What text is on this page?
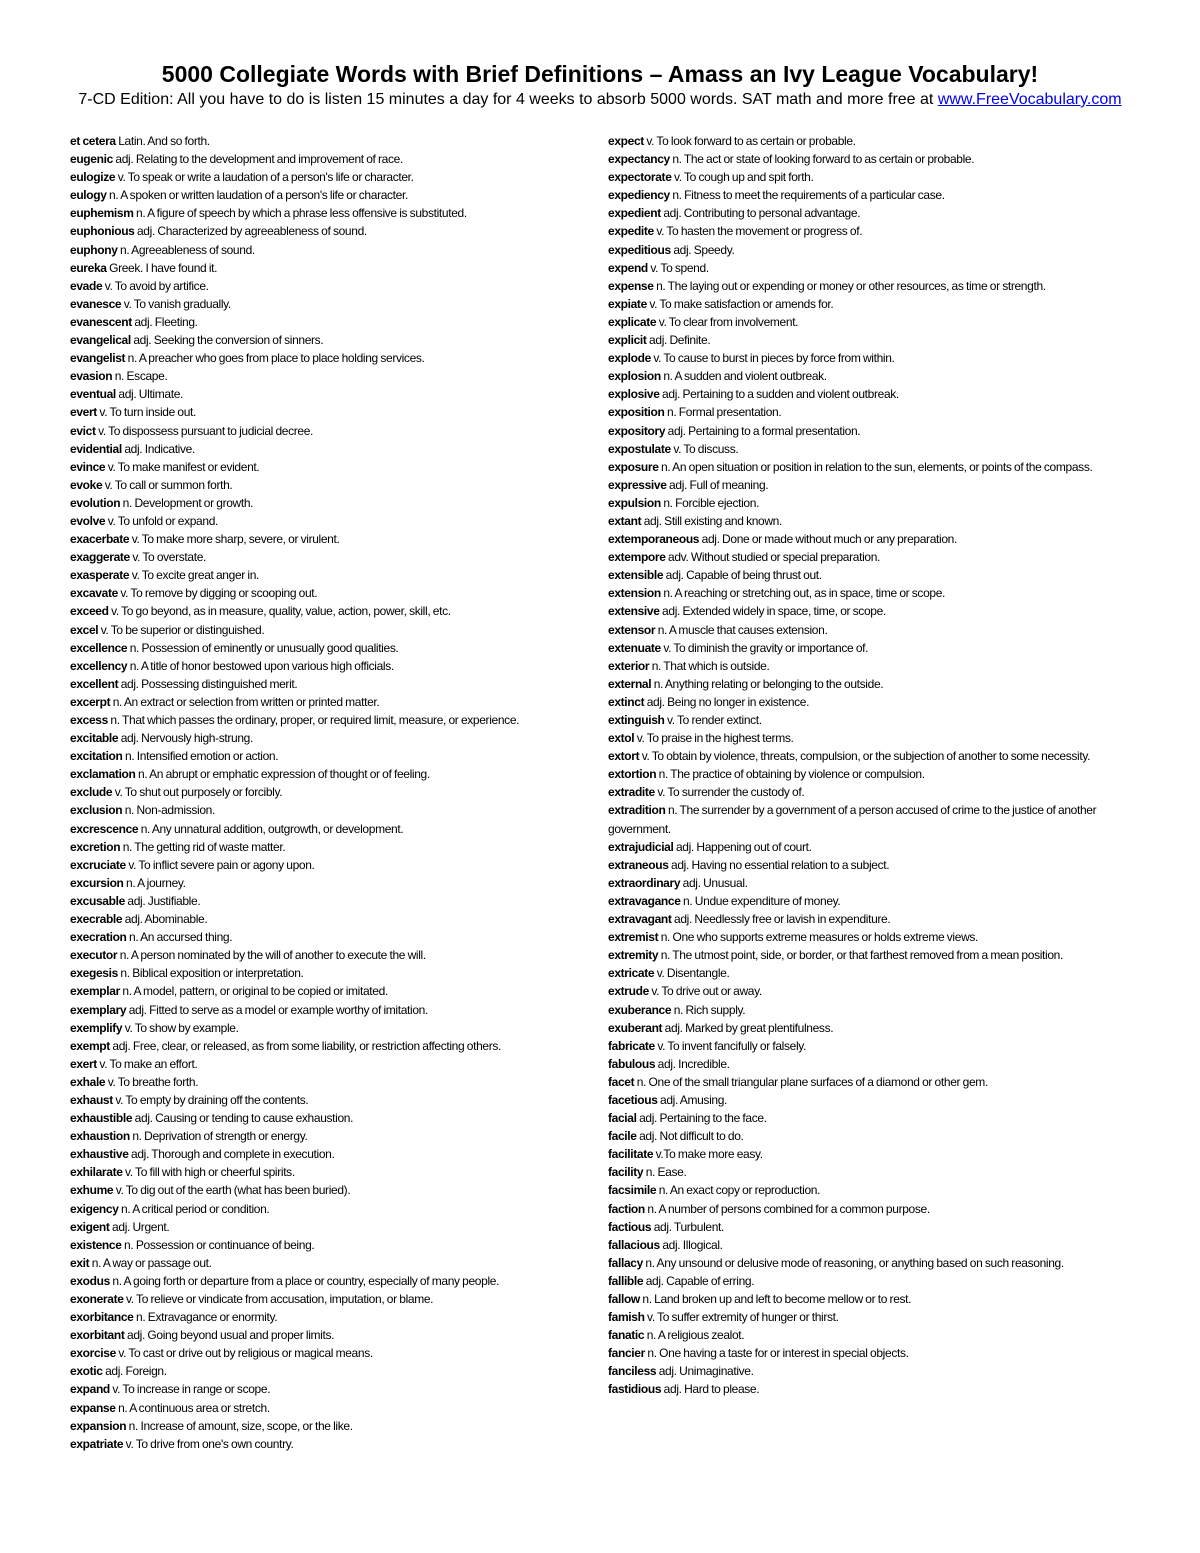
5000 Collegiate Words with Brief Definitions – Amass an Ivy League Vocabulary!
7-CD Edition: All you have to do is listen 15 minutes a day for 4 weeks to absorb 5000 words. SAT math and more free at www.FreeVocabulary.com
et cetera Latin. And so forth.
eugenic adj. Relating to the development and improvement of race.
eulogize v. To speak or write a laudation of a person's life or character.
eulogy n. A spoken or written laudation of a person's life or character.
euphemism n. A figure of speech by which a phrase less offensive is substituted.
euphonious adj. Characterized by agreeableness of sound.
euphony n. Agreeableness of sound.
eureka Greek. I have found it.
evade v. To avoid by artifice.
evanesce v. To vanish gradually.
evanescent adj. Fleeting.
evangelical adj. Seeking the conversion of sinners.
evangelist n. A preacher who goes from place to place holding services.
evasion n. Escape.
eventual adj. Ultimate.
evert v. To turn inside out.
evict v. To dispossess pursuant to judicial decree.
evidential adj. Indicative.
evince v. To make manifest or evident.
evoke v. To call or summon forth.
evolution n. Development or growth.
evolve v. To unfold or expand.
exacerbate v. To make more sharp, severe, or virulent.
exaggerate v. To overstate.
exasperate v. To excite great anger in.
excavate v. To remove by digging or scooping out.
exceed v. To go beyond, as in measure, quality, value, action, power, skill, etc.
excel v. To be superior or distinguished.
excellence n. Possession of eminently or unusually good qualities.
excellency n. A title of honor bestowed upon various high officials.
excellent adj. Possessing distinguished merit.
excerpt n. An extract or selection from written or printed matter.
excess n. That which passes the ordinary, proper, or required limit, measure, or experience.
excitable adj. Nervously high-strung.
excitation n. Intensified emotion or action.
exclamation n. An abrupt or emphatic expression of thought or of feeling.
exclude v. To shut out purposely or forcibly.
exclusion n. Non-admission.
excrescence n. Any unnatural addition, outgrowth, or development.
excretion n. The getting rid of waste matter.
excruciate v. To inflict severe pain or agony upon.
excursion n. A journey.
excusable adj. Justifiable.
execrable adj. Abominable.
execration n. An accursed thing.
executor n. A person nominated by the will of another to execute the will.
exegesis n. Biblical exposition or interpretation.
exemplar n. A model, pattern, or original to be copied or imitated.
exemplary adj. Fitted to serve as a model or example worthy of imitation.
exemplify v. To show by example.
exempt adj. Free, clear, or released, as from some liability, or restriction affecting others.
exert v. To make an effort.
exhale v. To breathe forth.
exhaust v. To empty by draining off the contents.
exhaustible adj. Causing or tending to cause exhaustion.
exhaustion n. Deprivation of strength or energy.
exhaustive adj. Thorough and complete in execution.
exhilarate v. To fill with high or cheerful spirits.
exhume v. To dig out of the earth (what has been buried).
exigency n. A critical period or condition.
exigent adj. Urgent.
existence n. Possession or continuance of being.
exit n. A way or passage out.
exodus n. A going forth or departure from a place or country, especially of many people.
exonerate v. To relieve or vindicate from accusation, imputation, or blame.
exorbitance n. Extravagance or enormity.
exorbitant adj. Going beyond usual and proper limits.
exorcise v. To cast or drive out by religious or magical means.
exotic adj. Foreign.
expand v. To increase in range or scope.
expanse n. A continuous area or stretch.
expansion n. Increase of amount, size, scope, or the like.
expatriate v. To drive from one's own country.
expect v. To look forward to as certain or probable.
expectancy n. The act or state of looking forward to as certain or probable.
expectorate v. To cough up and spit forth.
expediency n. Fitness to meet the requirements of a particular case.
expedient adj. Contributing to personal advantage.
expedite v. To hasten the movement or progress of.
expeditious adj. Speedy.
expend v. To spend.
expense n. The laying out or expending or money or other resources, as time or strength.
expiate v. To make satisfaction or amends for.
explicate v. To clear from involvement.
explicit adj. Definite.
explode v. To cause to burst in pieces by force from within.
explosion n. A sudden and violent outbreak.
explosive adj. Pertaining to a sudden and violent outbreak.
exposition n. Formal presentation.
expository adj. Pertaining to a formal presentation.
expostulate v. To discuss.
exposure n. An open situation or position in relation to the sun, elements, or points of the compass.
expressive adj. Full of meaning.
expulsion n. Forcible ejection.
extant adj. Still existing and known.
extemporaneous adj. Done or made without much or any preparation.
extempore adv. Without studied or special preparation.
extensible adj. Capable of being thrust out.
extension n. A reaching or stretching out, as in space, time or scope.
extensive adj. Extended widely in space, time, or scope.
extensor n. A muscle that causes extension.
extenuate v. To diminish the gravity or importance of.
exterior n. That which is outside.
external n. Anything relating or belonging to the outside.
extinct adj. Being no longer in existence.
extinguish v. To render extinct.
extol v. To praise in the highest terms.
extort v. To obtain by violence, threats, compulsion, or the subjection of another to some necessity.
extortion n. The practice of obtaining by violence or compulsion.
extradite v. To surrender the custody of.
extradition n. The surrender by a government of a person accused of crime to the justice of another government.
extrajudicial adj. Happening out of court.
extraneous adj. Having no essential relation to a subject.
extraordinary adj. Unusual.
extravagance n. Undue expenditure of money.
extravagant adj. Needlessly free or lavish in expenditure.
extremist n. One who supports extreme measures or holds extreme views.
extremity n. The utmost point, side, or border, or that farthest removed from a mean position.
extricate v. Disentangle.
extrude v. To drive out or away.
exuberance n. Rich supply.
exuberant adj. Marked by great plentifulness.
fabricate v. To invent fancifully or falsely.
fabulous adj. Incredible.
facet n. One of the small triangular plane surfaces of a diamond or other gem.
facetious adj. Amusing.
facial adj. Pertaining to the face.
facile adj. Not difficult to do.
facilitate v.To make more easy.
facility n. Ease.
facsimile n. An exact copy or reproduction.
faction n. A number of persons combined for a common purpose.
factious adj. Turbulent.
fallacious adj. Illogical.
fallacy n. Any unsound or delusive mode of reasoning, or anything based on such reasoning.
fallible adj. Capable of erring.
fallow n. Land broken up and left to become mellow or to rest.
famish v. To suffer extremity of hunger or thirst.
fanatic n. A religious zealot.
fancier n. One having a taste for or interest in special objects.
fanciless adj. Unimaginative.
fastidious adj. Hard to please.
